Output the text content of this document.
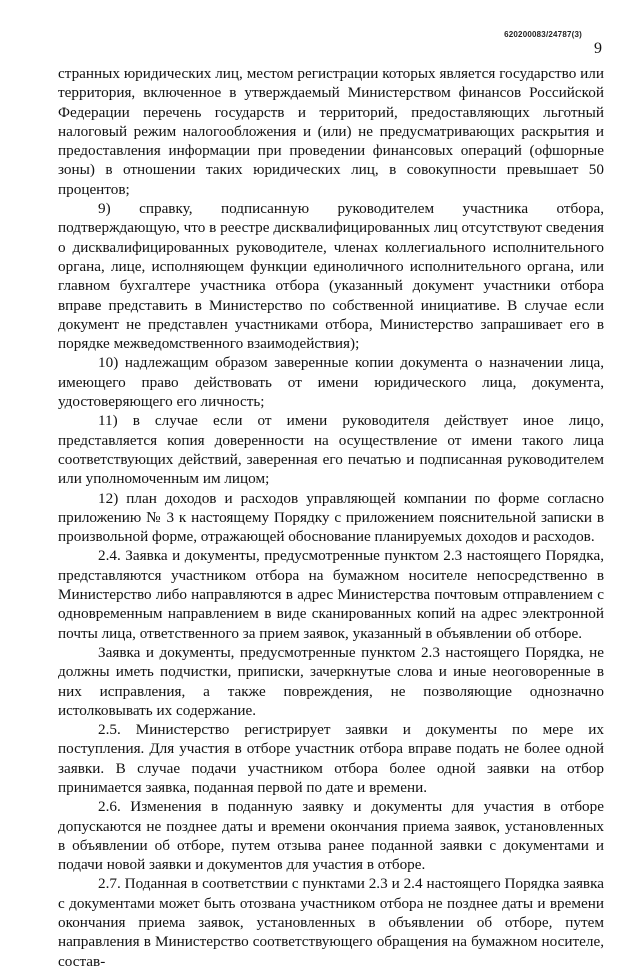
620200083/24787(3)
9

странных юридических лиц, местом регистрации которых является государство или территория, включенное в утверждаемый Министерством финансов Российской Федерации перечень государств и территорий, предоставляющих льготный налоговый режим налогообложения и (или) не предусматривающих раскрытия и предоставления информации при проведении финансовых операций (офшорные зоны) в отношении таких юридических лиц, в совокупности превышает 50 процентов;

9) справку, подписанную руководителем участника отбора, подтверждающую, что в реестре дисквалифицированных лиц отсутствуют сведения о дисквалифицированных руководителе, членах коллегиального исполнительного органа, лице, исполняющем функции единоличного исполнительного органа, или главном бухгалтере участника отбора (указанный документ участники отбора вправе представить в Министерство по собственной инициативе. В случае если документ не представлен участниками отбора, Министерство запрашивает его в порядке межведомственного взаимодействия);

10) надлежащим образом заверенные копии документа о назначении лица, имеющего право действовать от имени юридического лица, документа, удостоверяющего его личность;

11) в случае если от имени руководителя действует иное лицо, представляется копия доверенности на осуществление от имени такого лица соответствующих действий, заверенная его печатью и подписанная руководителем или уполномоченным им лицом;

12) план доходов и расходов управляющей компании по форме согласно приложению № 3 к настоящему Порядку с приложением пояснительной записки в произвольной форме, отражающей обоснование планируемых доходов и расходов.

2.4. Заявка и документы, предусмотренные пунктом 2.3 настоящего Порядка, представляются участником отбора на бумажном носителе непосредственно в Министерство либо направляются в адрес Министерства почтовым отправлением с одновременным направлением в виде сканированных копий на адрес электронной почты лица, ответственного за прием заявок, указанный в объявлении об отборе.

Заявка и документы, предусмотренные пунктом 2.3 настоящего Порядка, не должны иметь подчистки, приписки, зачеркнутые слова и иные неоговоренные в них исправления, а также повреждения, не позволяющие однозначно истолковывать их содержание.

2.5. Министерство регистрирует заявки и документы по мере их поступления. Для участия в отборе участник отбора вправе подать не более одной заявки. В случае подачи участником отбора более одной заявки на отбор принимается заявка, поданная первой по дате и времени.

2.6. Изменения в поданную заявку и документы для участия в отборе допускаются не позднее даты и времени окончания приема заявок, установленных в объявлении об отборе, путем отзыва ранее поданной заявки с документами и подачи новой заявки и документов для участия в отборе.

2.7. Поданная в соответствии с пунктами 2.3 и 2.4 настоящего Порядка заявка с документами может быть отозвана участником отбора не позднее даты и времени окончания приема заявок, установленных в объявлении об отборе, путем направления в Министерство соответствующего обращения на бумажном носителе, состав-
